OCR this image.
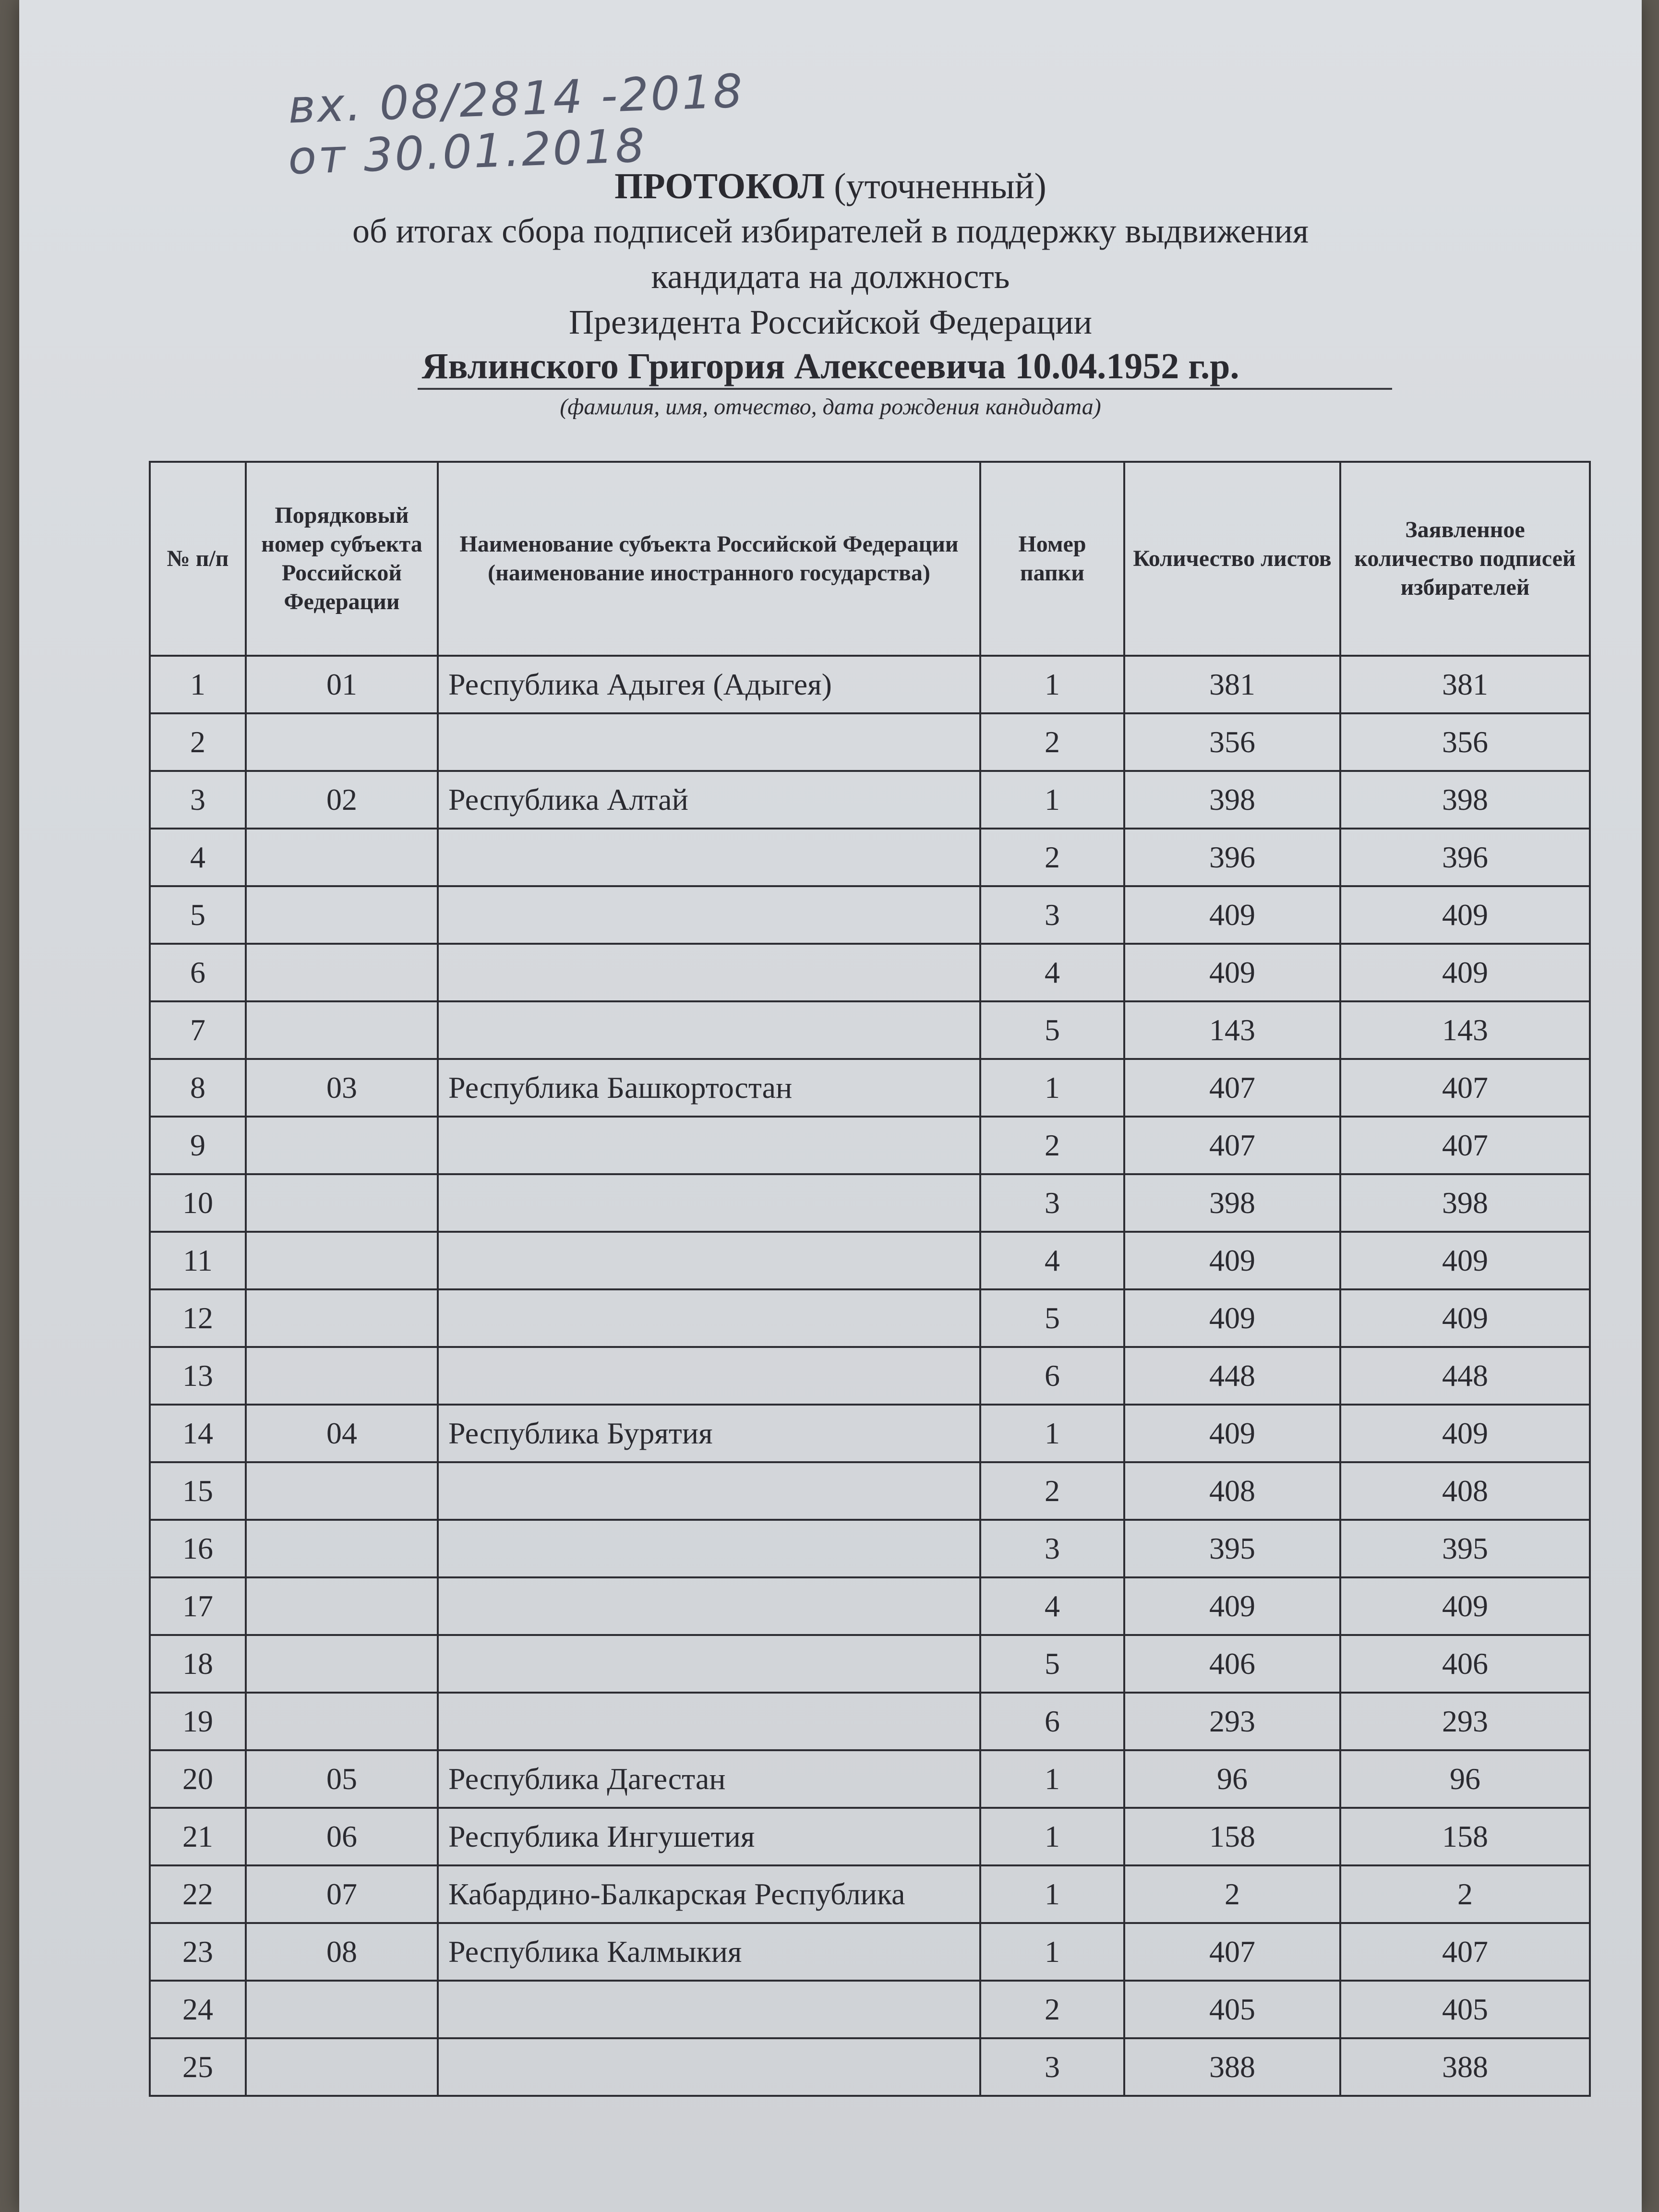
вх. 08/2814 -2018
от 30.01.2018
ПРОТОКОЛ (уточненный)
об итогах сбора подписей избирателей в поддержку выдвижения
кандидата на должность
Президента Российской Федерации
Явлинского Григория Алексеевича 10.04.1952 г.р.
(фамилия, имя, отчество, дата рождения кандидата)
№ п/п	Порядковый номер субъекта Российской Федерации	Наименование субъекта Российской Федерации (наименование иностранного государства)	Номер папки	Количество листов	Заявленное количество подписей избирателей
1	01	Республика Адыгея (Адыгея)	1	381	381
2			2	356	356
3	02	Республика Алтай	1	398	398
4			2	396	396
5			3	409	409
6			4	409	409
7			5	143	143
8	03	Республика Башкортостан	1	407	407
9			2	407	407
10			3	398	398
11			4	409	409
12			5	409	409
13			6	448	448
14	04	Республика Бурятия	1	409	409
15			2	408	408
16			3	395	395
17			4	409	409
18			5	406	406
19			6	293	293
20	05	Республика Дагестан	1	96	96
21	06	Республика Ингушетия	1	158	158
22	07	Кабардино-Балкарская Республика	1	2	2
23	08	Республика Калмыкия	1	407	407
24			2	405	405
25			3	388	388
